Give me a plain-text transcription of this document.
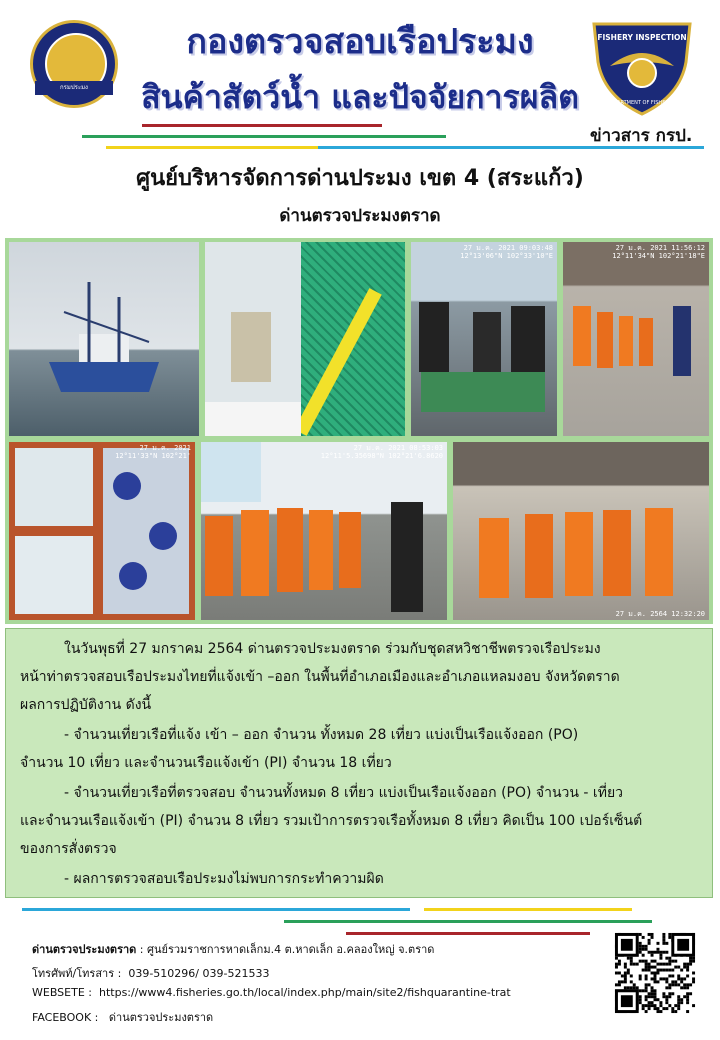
กรมประมง
กองตรวจสอบเรือประมง
สินค้าสัตว์น้ำ และปัจจัยการผลิต
FISHERY INSPECTION
DEPARTMENT OF FISHERIES
ข่าวสาร กรป.
ศูนย์บริหารจัดการด่านประมง เขต 4 (สระแก้ว)
ด่านตรวจประมงตราด
27 ม.ค. 2021 09:03:48
12°13'06"N 102°33'10"E
27 ม.ค. 2021 11:56:12
12°11'34"N 102°21'18"E
27 ม.ค. 2021
12°11'33"N 102°21'
27 ม.ค. 2021 08:53:03
12°11'5.35698"N 102°21'6.8620
27 ม.ค. 2564 12:32:20
ในวันพุธที่ 27 มกราคม 2564 ด่านตรวจประมงตราด ร่วมกับชุดสหวิชาชีพตรวจเรือประมง
หน้าท่าตรวจสอบเรือประมงไทยที่แจ้งเข้า –ออก ในพื้นที่อำเภอเมืองและอำเภอแหลมงอบ จังหวัดตราด
ผลการปฏิบัติงาน ดังนี้
- จำนวนเที่ยวเรือที่แจ้ง เข้า – ออก จำนวน ทั้งหมด 28 เที่ยว แบ่งเป็นเรือแจ้งออก (PO)
จำนวน 10 เที่ยว และจำนวนเรือแจ้งเข้า (PI) จำนวน 18 เที่ยว
- จำนวนเที่ยวเรือที่ตรวจสอบ จำนวนทั้งหมด 8 เที่ยว แบ่งเป็นเรือแจ้งออก (PO) จำนวน - เที่ยว
และจำนวนเรือแจ้งเข้า (PI) จำนวน 8 เที่ยว รวมเป้าการตรวจเรือทั้งหมด 8 เที่ยว คิดเป็น 100 เปอร์เซ็นต์
ของการสั่งตรวจ
- ผลการตรวจสอบเรือประมงไม่พบการกระทำความผิด
ด่านตรวจประมงตราด : ศูนย์รวมราชการหาดเล็กม.4 ต.หาดเล็ก อ.คลองใหญ่ จ.ตราด
โทรศัพท์/โทรสาร : 039-510296/ 039-521533
WEBSETE : https://www4.fisheries.go.th/local/index.php/main/site2/fishquarantine-trat
FACEBOOK : ด่านตรวจประมงตราด
